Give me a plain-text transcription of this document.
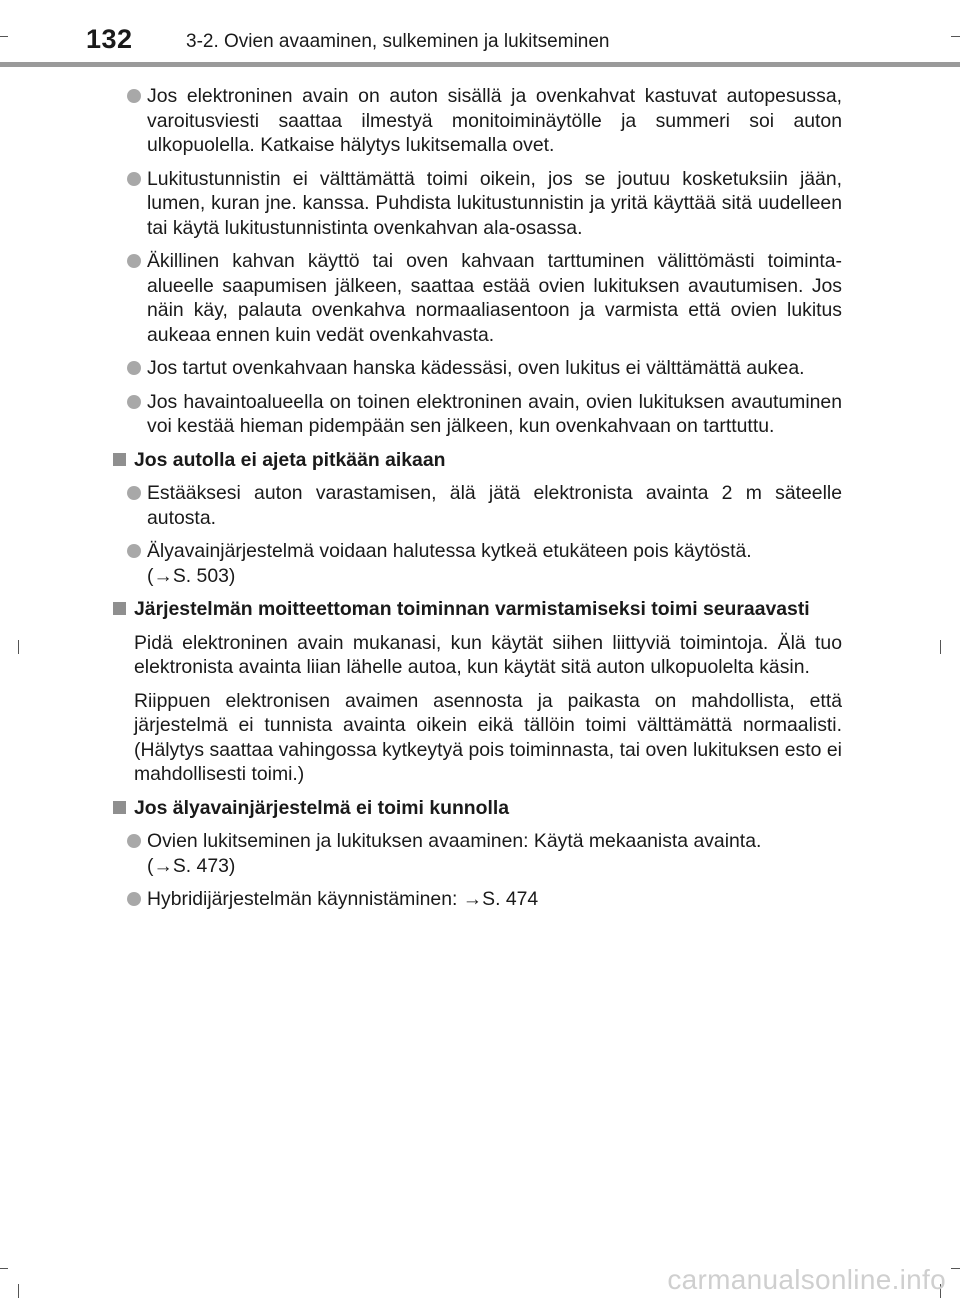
132	3-2. Ovien avaaminen, sulkeminen ja lukitseminen
Jos elektroninen avain on auton sisällä ja ovenkahvat kastuvat autopesussa, varoitusviesti saattaa ilmestyä monitoiminäytölle ja summeri soi auton ulkopuolella. Katkaise hälytys lukitsemalla ovet.
Lukitustunnistin ei välttämättä toimi oikein, jos se joutuu kosketuksiin jään, lumen, kuran jne. kanssa. Puhdista lukitustunnistin ja yritä käyttää sitä uudelleen tai käytä lukitustunnistinta ovenkahvan ala-osassa.
Äkillinen kahvan käyttö tai oven kahvaan tarttuminen välittömästi toiminta-alueelle saapumisen jälkeen, saattaa estää ovien lukituksen avautumisen. Jos näin käy, palauta ovenkahva normaaliasentoon ja varmista että ovien lukitus aukeaa ennen kuin vedät ovenkahvasta.
Jos tartut ovenkahvaan hanska kädessäsi, oven lukitus ei välttämättä aukea.
Jos havaintoalueella on toinen elektroninen avain, ovien lukituksen avautuminen voi kestää hieman pidempään sen jälkeen, kun ovenkahvaan on tarttuttu.
Jos autolla ei ajeta pitkään aikaan
Estääksesi auton varastamisen, älä jätä elektronista avainta 2 m säteelle autosta.
Älyavainjärjestelmä voidaan halutessa kytkeä etukäteen pois käytöstä.
(→S. 503)
Järjestelmän moitteettoman toiminnan varmistamiseksi toimi seuraavasti
Pidä elektroninen avain mukanasi, kun käytät siihen liittyviä toimintoja. Älä tuo elektronista avainta liian lähelle autoa, kun käytät sitä auton ulkopuolelta käsin.
Riippuen elektronisen avaimen asennosta ja paikasta on mahdollista, että järjestelmä ei tunnista avainta oikein eikä tällöin toimi välttämättä normaalisti. (Hälytys saattaa vahingossa kytkeytyä pois toiminnasta, tai oven lukituksen esto ei mahdollisesti toimi.)
Jos älyavainjärjestelmä ei toimi kunnolla
Ovien lukitseminen ja lukituksen avaaminen: Käytä mekaanista avainta.
(→S. 473)
Hybridijärjestelmän käynnistäminen: →S. 474
carmanualsonline.info
